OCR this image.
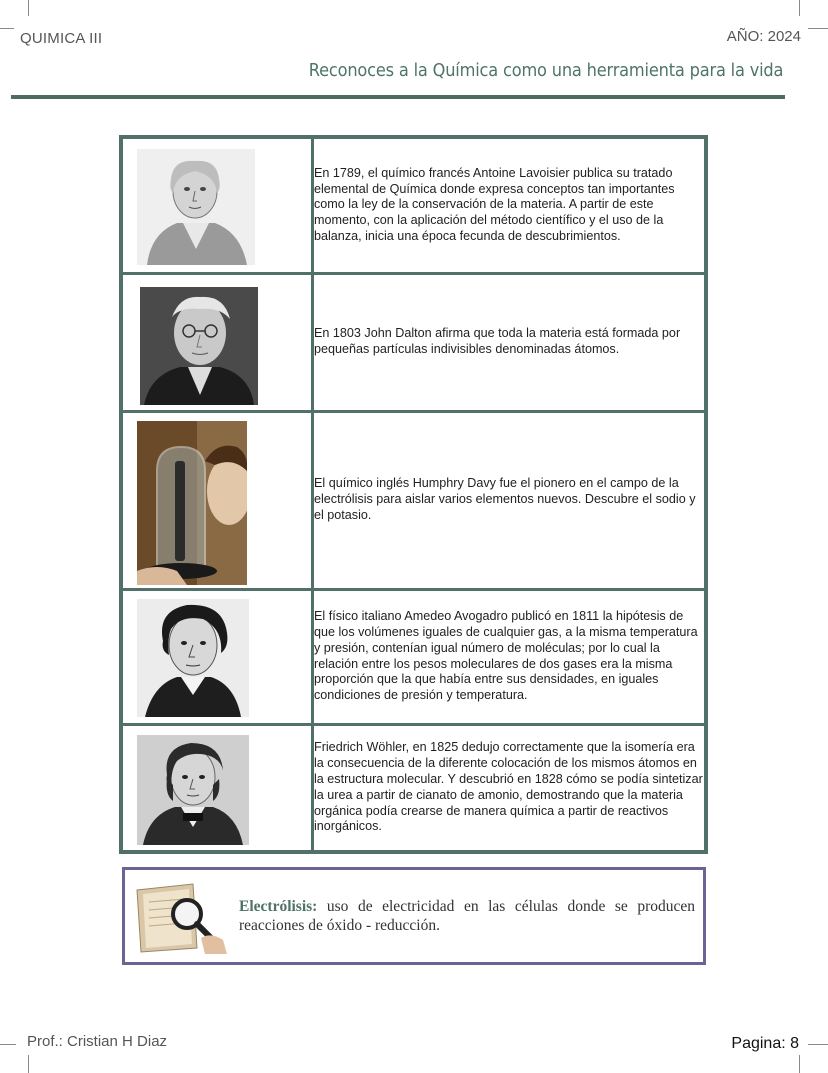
QUIMICA III	AÑO: 2024
Reconoces a la Química como una herramienta para la vida
	En 1789, el químico francés Antoine Lavoisier publica su tratado elemental de Química donde expresa conceptos tan importantes como la ley de la conservación de la materia. A partir de este momento, con la aplicación del método científico y el uso de la balanza, inicia una época fecunda de descubrimientos.

	En 1803 John Dalton afirma que toda la materia está formada por pequeñas partículas indivisibles denominadas átomos.

	El químico inglés Humphry Davy fue el pionero en el campo de la electrólisis para aislar varios elementos nuevos. Descubre el sodio y el potasio.

	El físico italiano Amedeo Avogadro publicó en 1811 la hipótesis de que los volúmenes iguales de cualquier gas, a la misma temperatura y presión, contenían igual número de moléculas; por lo cual la relación entre los pesos moleculares de dos gases era la misma proporción que la que había entre sus densidades, en iguales condiciones de presión y temperatura.

	Friedrich Wöhler, en 1825 dedujo correctamente que la isomería era la consecuencia de la diferente colocación de los mismos átomos en la estructura molecular. Y descubrió en 1828 cómo se podía sintetizar la urea a partir de cianato de amonio, demostrando que la materia orgánica podía crearse de manera química a partir de reactivos inorgánicos.
Electrólisis: uso de electricidad en las células donde se producen reacciones de óxido - reducción.
Prof.: Cristian H Diaz	Pagina: 8
